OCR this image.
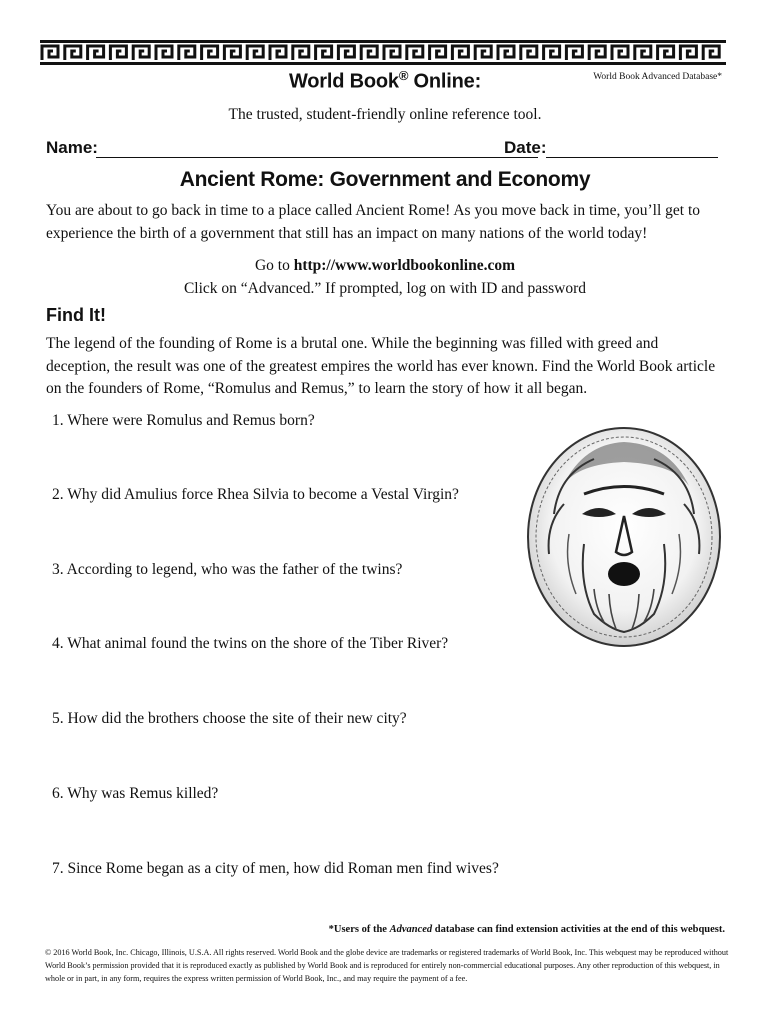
World Book® Online:	World Book Advanced Database*
The trusted, student-friendly online reference tool.
Name:	Date:
Ancient Rome: Government and Economy
You are about to go back in time to a place called Ancient Rome! As you move back in time, you’ll get to experience the birth of a government that still has an impact on many nations of the world today!
Go to http://www.worldbookonline.com
Click on “Advanced.” If prompted, log on with ID and password
Find It!
The legend of the founding of Rome is a brutal one. While the beginning was filled with greed and deception, the result was one of the greatest empires the world has ever known. Find the World Book article on the founders of Rome, “Romulus and Remus,” to learn the story of how it all began.
1. Where were Romulus and Remus born?
2. Why did Amulius force Rhea Silvia to become a Vestal Virgin?
3. According to legend, who was the father of the twins?
4. What animal found the twins on the shore of the Tiber River?
5. How did the brothers choose the site of their new city?
6. Why was Remus killed?
7. Since Rome began as a city of men, how did Roman men find wives?
*Users of the Advanced database can find extension activities at the end of this webquest.
© 2016 World Book, Inc. Chicago, Illinois, U.S.A. All rights reserved. World Book and the globe device are trademarks or registered trademarks of World Book, Inc. This webquest may be reproduced without World Book’s permission provided that it is reproduced exactly as published by World Book and is reproduced for entirely non-commercial educational purposes. Any other reproduction of this webquest, in whole or in part, in any form, requires the express written permission of World Book, Inc., and may require the payment of a fee.
